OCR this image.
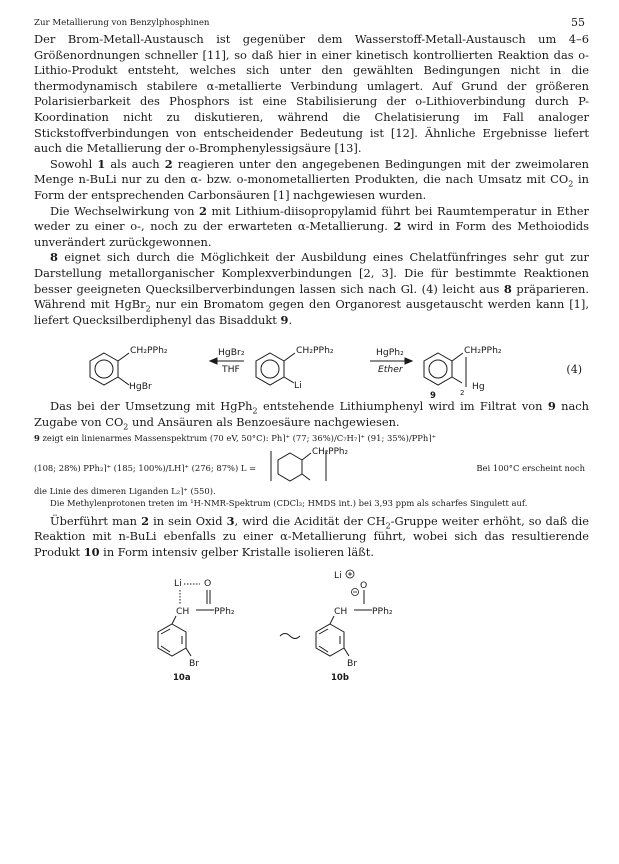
Zur Metallierung von Benzylphosphinen	55

Der Brom-Metall-Austausch ist gegenüber dem Wasserstoff-Metall-Austausch um 4–6 Größenordnungen schneller [11], so daß hier in einer kinetisch kontrollierten Reaktion das o-Lithio-Produkt entsteht, welches sich unter den gewählten Bedingungen nicht in die thermodynamisch stabilere α-metallierte Verbindung umlagert. Auf Grund der größeren Polarisierbarkeit des Phosphors ist eine Stabilisierung der o-Lithioverbindung durch P-Koordination nicht zu diskutieren, während die Chelatisierung im Fall analoger Stickstoffverbindungen von entscheidender Bedeutung ist [12]. Ähnliche Ergebnisse liefert auch die Metallierung der o-Bromphenylessigsäure [13].

Sowohl 1 als auch 2 reagieren unter den angegebenen Bedingungen mit der zweimolaren Menge n-BuLi nur zu den α- bzw. o-monometallierten Produkten, die nach Umsatz mit $CO_2$ in Form der entsprechenden Carbonsäuren [1] nachgewiesen wurden.

Die Wechselwirkung von 2 mit Lithium-diisopropylamid führt bei Raumtemperatur in Ether weder zu einer o-, noch zu der erwarteten α-Metallierung. 2 wird in Form des Methoiodids unverändert zurückgewonnen.

8 eignet sich durch die Möglichkeit der Ausbildung eines Chelatfünfringes sehr gut zur Darstellung metallorganischer Komplexverbindungen [2, 3]. Die für bestimmte Reaktionen besser geeigneten Quecksilberverbindungen lassen sich nach Gl. (4) leicht aus 8 präparieren. Während mit HgBr$_2$ nur ein Bromatom gegen den Organorest ausgetauscht werden kann [1], liefert Quecksilberdiphenyl das Bisaddukt 9.

CH₂PPh₂
HgBr
HgBr₂
THF
CH₂PPh₂
Li
HgPh₂
Ether
CH₂PPh₂
Hg
2
9
(4)

Das bei der Umsetzung mit HgPh$_2$ entstehende Lithiumphenyl wird im Filtrat von 9 nach Zugabe von $CO_2$ und Ansäuren als Benzoesäure nachgewiesen.

9 zeigt ein linienarmes Massenspektrum (70 eV, 50°C): Ph⌉⁺ (77; 36%)/C₇H₇⌉⁺ (91; 35%)/PPh⌉⁺

(108; 28%) PPh₂⌉⁺ (185; 100%)/LH⌉⁺ (276; 87%) L =
CH₂PPh₂
Bei 100°C erscheint noch

die Linie des dimeren Liganden L₂⌉⁺ (550).

Die Methylenprotonen treten im ¹H-NMR-Spektrum (CDCl₃; HMDS int.) bei 3,93 ppm als scharfes Singulett auf.

Überführt man 2 in sein Oxid 3, wird die Acidität der $CH_2$-Gruppe weiter erhöht, so daß die Reaktion mit n-BuLi ebenfalls zu einer α-Metallierung führt, wobei sich das resultierende Produkt 10 in Form intensiv gelber Kristalle isolieren läßt.

Li O
CH	PPh₂
Br
10a
Li
O
CH	PPh₂
Br
10b
